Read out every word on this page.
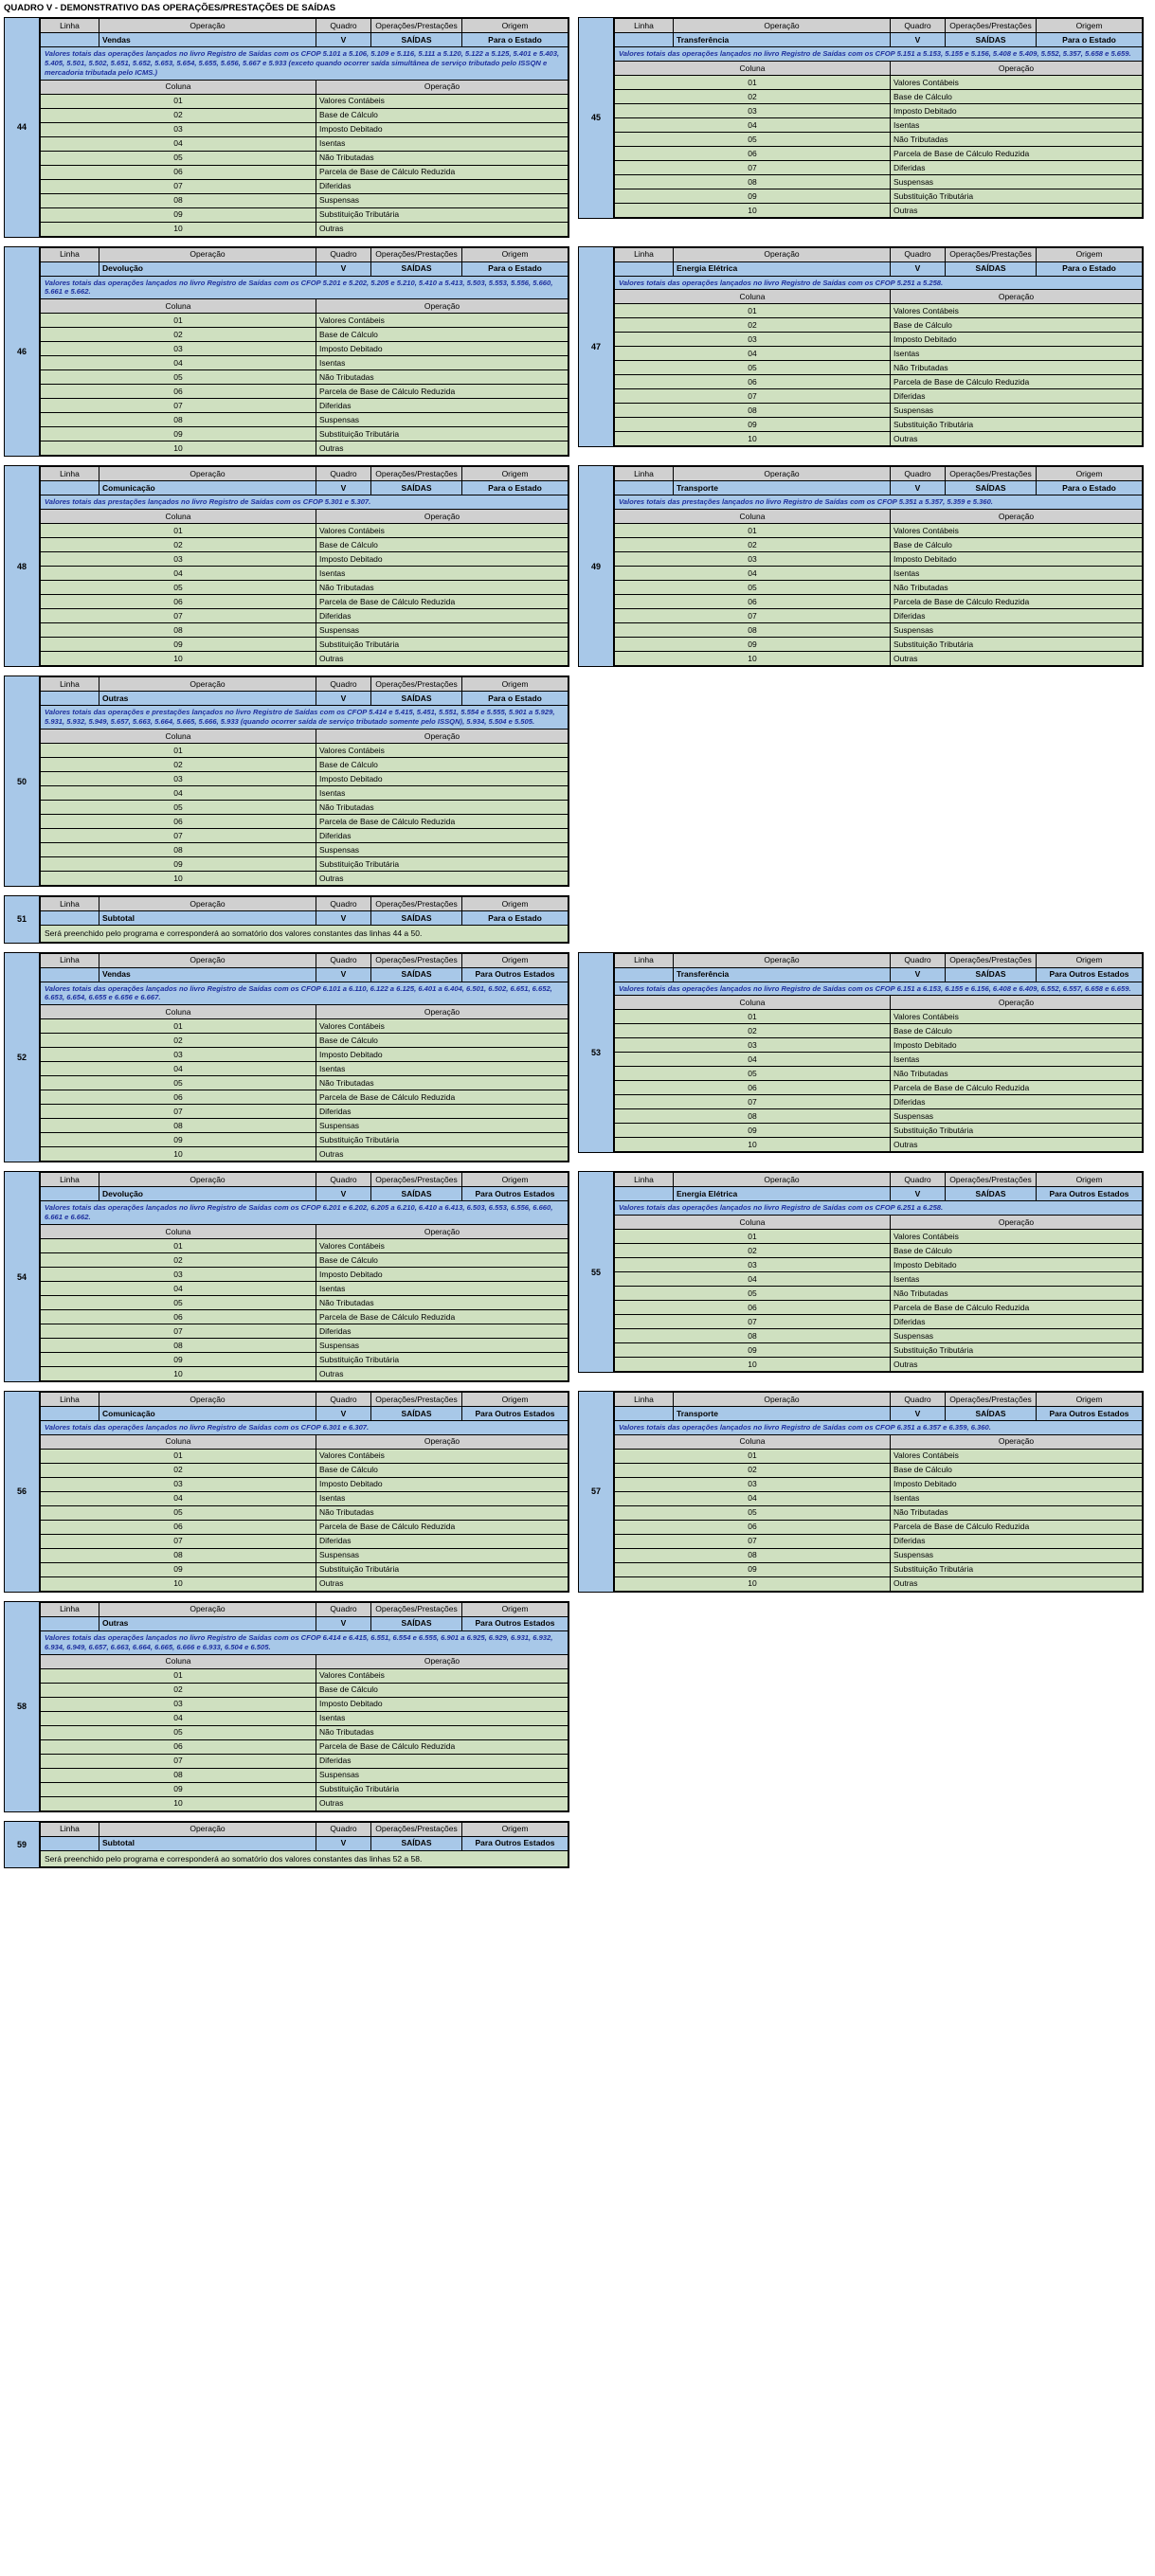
QUADRO V - DEMONSTRATIVO DAS OPERAÇÕES/PRESTAÇÕES DE SAÍDAS
44
Linha	Operação	Quadro	Operações/Prestações	Origem
	Vendas	V	SAÍDAS	Para o Estado
Valores totais das operações lançados no livro Registro de Saídas com os CFOP 5.101 a 5.106, 5.109 e 5.116, 5.111 a 5.120, 5.122 a 5.125, 5.401 e 5.403, 5.405, 5.501, 5.502, 5.651, 5.652, 5.653, 5.654, 5.655, 5.656, 5.667 e 5.933 (exceto quando ocorrer saída simultânea de serviço tributado pelo ISSQN e mercadoria tributada pelo ICMS.)				
Coluna		Operação		
01		Valores Contábeis		
02		Base de Cálculo		
03		Imposto Debitado		
04		Isentas		
05		Não Tributadas		
06		Parcela de Base de Cálculo Reduzida		
07		Diferidas		
08		Suspensas		
09		Substituição Tributária		
10		Outras		
45
Linha	Operação	Quadro	Operações/Prestações	Origem
	Transferência	V	SAÍDAS	Para o Estado
Valores totais das operações lançados no livro Registro de Saídas com os CFOP 5.151 a 5.153, 5.155 e 5.156, 5.408 e 5.409, 5.552, 5.357, 5.658 e 5.659.				
Coluna		Operação		
01		Valores Contábeis		
02		Base de Cálculo		
03		Imposto Debitado		
04		Isentas		
05		Não Tributadas		
06		Parcela de Base de Cálculo Reduzida		
07		Diferidas		
08		Suspensas		
09		Substituição Tributária		
10		Outras		
46
Linha	Operação	Quadro	Operações/Prestações	Origem
	Devolução	V	SAÍDAS	Para o Estado
Valores totais das operações lançados no livro Registro de Saídas com os CFOP 5.201 e 5.202, 5.205 e 5.210, 5.410 a 5.413, 5.503, 5.553, 5.556, 5.660, 5.661 e 5.662.				
Coluna		Operação		
01		Valores Contábeis		
02		Base de Cálculo		
03		Imposto Debitado		
04		Isentas		
05		Não Tributadas		
06		Parcela de Base de Cálculo Reduzida		
07		Diferidas		
08		Suspensas		
09		Substituição Tributária		
10		Outras		
47
Linha	Operação	Quadro	Operações/Prestações	Origem
	Energia Elétrica	V	SAÍDAS	Para o Estado
Valores totais das operações lançados no livro Registro de Saídas com os CFOP 5.251 a 5.258.				
Coluna		Operação		
01		Valores Contábeis		
02		Base de Cálculo		
03		Imposto Debitado		
04		Isentas		
05		Não Tributadas		
06		Parcela de Base de Cálculo Reduzida		
07		Diferidas		
08		Suspensas		
09		Substituição Tributária		
10		Outras		
48
Linha	Operação	Quadro	Operações/Prestações	Origem
	Comunicação	V	SAÍDAS	Para o Estado
Valores totais das prestações lançados no livro Registro de Saídas com os CFOP 5.301 e 5.307.				
Coluna		Operação		
01		Valores Contábeis		
02		Base de Cálculo		
03		Imposto Debitado		
04		Isentas		
05		Não Tributadas		
06		Parcela de Base de Cálculo Reduzida		
07		Diferidas		
08		Suspensas		
09		Substituição Tributária		
10		Outras		
49
Linha	Operação	Quadro	Operações/Prestações	Origem
	Transporte	V	SAÍDAS	Para o Estado
Valores totais das prestações lançados no livro Registro de Saídas com os CFOP 5.351 a 5.357, 5.359 e 5.360.				
Coluna		Operação		
01		Valores Contábeis		
02		Base de Cálculo		
03		Imposto Debitado		
04		Isentas		
05		Não Tributadas		
06		Parcela de Base de Cálculo Reduzida		
07		Diferidas		
08		Suspensas		
09		Substituição Tributária		
10		Outras		
50
Linha	Operação	Quadro	Operações/Prestações	Origem
	Outras	V	SAÍDAS	Para o Estado
Valores totais das operações e prestações lançados no livro Registro de Saídas com os CFOP 5.414 e 5.415, 5.451, 5.551, 5.554 e 5.555, 5.901 a 5.929, 5.931, 5.932, 5.949, 5.657, 5.663, 5.664, 5.665, 5.666, 5.933 (quando ocorrer saída de serviço tributado somente pelo ISSQN), 5.934, 5.504 e 5.505.				
Coluna		Operação		
01		Valores Contábeis		
02		Base de Cálculo		
03		Imposto Debitado		
04		Isentas		
05		Não Tributadas		
06		Parcela de Base de Cálculo Reduzida		
07		Diferidas		
08		Suspensas		
09		Substituição Tributária		
10		Outras		
51
Linha	Operação	Quadro	Operações/Prestações	Origem
	Subtotal	V	SAÍDAS	Para o Estado
Será preenchido pelo programa e corresponderá ao somatório dos valores constantes das linhas 44 a 50.				
52
Linha	Operação	Quadro	Operações/Prestações	Origem
	Vendas	V	SAÍDAS	Para Outros Estados
Valores totais das operações lançados no livro Registro de Saídas com os CFOP 6.101 a 6.110, 6.122 a 6.125, 6.401 a 6.404, 6.501, 6.502, 6.651, 6.652, 6.653, 6.654, 6.655 e 6.656 e 6.667.				
Coluna		Operação		
01		Valores Contábeis		
02		Base de Cálculo		
03		Imposto Debitado		
04		Isentas		
05		Não Tributadas		
06		Parcela de Base de Cálculo Reduzida		
07		Diferidas		
08		Suspensas		
09		Substituição Tributária		
10		Outras		
53
Linha	Operação	Quadro	Operações/Prestações	Origem
	Transferência	V	SAÍDAS	Para Outros Estados
Valores totais das operações lançados no livro Registro de Saídas com os CFOP 6.151 a 6.153, 6.155 e 6.156, 6.408 e 6.409, 6.552, 6.557, 6.658 e 6.659.				
Coluna		Operação		
01		Valores Contábeis		
02		Base de Cálculo		
03		Imposto Debitado		
04		Isentas		
05		Não Tributadas		
06		Parcela de Base de Cálculo Reduzida		
07		Diferidas		
08		Suspensas		
09		Substituição Tributária		
10		Outras		
54
Linha	Operação	Quadro	Operações/Prestações	Origem
	Devolução	V	SAÍDAS	Para Outros Estados
Valores totais das operações lançados no livro Registro de Saídas com os CFOP 6.201 e 6.202, 6.205 a 6.210, 6.410 a 6.413, 6.503, 6.553, 6.556, 6.660, 6.661 e 6.662.				
Coluna		Operação		
01		Valores Contábeis		
02		Base de Cálculo		
03		Imposto Debitado		
04		Isentas		
05		Não Tributadas		
06		Parcela de Base de Cálculo Reduzida		
07		Diferidas		
08		Suspensas		
09		Substituição Tributária		
10		Outras		
55
Linha	Operação	Quadro	Operações/Prestações	Origem
	Energia Elétrica	V	SAÍDAS	Para Outros Estados
Valores totais das operações lançados no livro Registro de Saídas com os CFOP 6.251 a 6.258.				
Coluna		Operação		
01		Valores Contábeis		
02		Base de Cálculo		
03		Imposto Debitado		
04		Isentas		
05		Não Tributadas		
06		Parcela de Base de Cálculo Reduzida		
07		Diferidas		
08		Suspensas		
09		Substituição Tributária		
10		Outras		
56
Linha	Operação	Quadro	Operações/Prestações	Origem
	Comunicação	V	SAÍDAS	Para Outros Estados
Valores totais das operações lançados no livro Registro de Saídas com os CFOP 6.301 e 6.307.				
Coluna		Operação		
01		Valores Contábeis		
02		Base de Cálculo		
03		Imposto Debitado		
04		Isentas		
05		Não Tributadas		
06		Parcela de Base de Cálculo Reduzida		
07		Diferidas		
08		Suspensas		
09		Substituição Tributária		
10		Outras		
57
Linha	Operação	Quadro	Operações/Prestações	Origem
	Transporte	V	SAÍDAS	Para Outros Estados
Valores totais das operações lançados no livro Registro de Saídas com os CFOP 6.351 a 6.357 e 6.359, 6.360.				
Coluna		Operação		
01		Valores Contábeis		
02		Base de Cálculo		
03		Imposto Debitado		
04		Isentas		
05		Não Tributadas		
06		Parcela de Base de Cálculo Reduzida		
07		Diferidas		
08		Suspensas		
09		Substituição Tributária		
10		Outras		
58
Linha	Operação	Quadro	Operações/Prestações	Origem
	Outras	V	SAÍDAS	Para Outros Estados
Valores totais das operações lançados no livro Registro de Saídas com os CFOP 6.414 e 6.415, 6.551, 6.554 e 6.555, 6.901 a 6.925, 6.929, 6.931, 6.932, 6.934, 6.949, 6.657, 6.663, 6.664, 6.665, 6.666 e 6.933, 6.504 e 6.505.				
Coluna		Operação		
01		Valores Contábeis		
02		Base de Cálculo		
03		Imposto Debitado		
04		Isentas		
05		Não Tributadas		
06		Parcela de Base de Cálculo Reduzida		
07		Diferidas		
08		Suspensas		
09		Substituição Tributária		
10		Outras		
59
Linha	Operação	Quadro	Operações/Prestações	Origem
	Subtotal	V	SAÍDAS	Para Outros Estados
Será preenchido pelo programa e corresponderá ao somatório dos valores constantes das linhas 52 a 58.				
